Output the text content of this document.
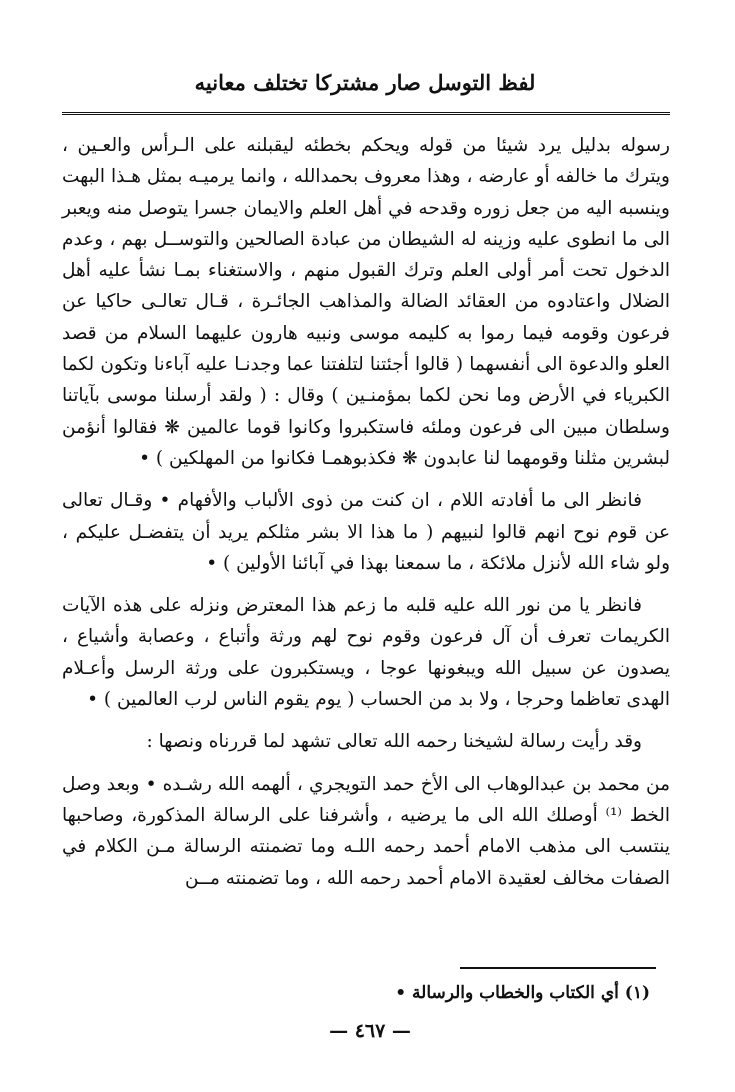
لفظ التوسل صار مشتركا تختلف معانيه

رسوله بدليل يرد شيئا من قوله ويحكم بخطئه ليقبلنه على الـرأس والعـين ، ويترك ما خالفه أو عارضه ، وهذا معروف بحمدالله ، وانما يرميـه بمثل هـذا البهت وينسبه اليه من جعل زوره وقدحه في أهل العلم والايمان جسرا يتوصل منه ويعبر الى ما انطوى عليه وزينه له الشيطان من عبادة الصالحين والتوســل بهم ، وعدم الدخول تحت أمر أولى العلم وترك القبول منهم ، والاستغناء بمـا نشأ عليه أهل الضلال واعتادوه من العقائد الضالة والمذاهب الجائـرة ، قـال تعالـى حاكيا عن فرعون وقومه فيما رموا به كليمه موسى ونبيه هارون عليهما السلام من قصد العلو والدعوة الى أنفسهما ( قالوا أجئتنا لتلفتنا عما وجدنـا عليه آباءنا وتكون لكما الكبرياء في الأرض وما نحن لكما بمؤمنـين ) وقال : ( ولقد أرسلنا موسى بآياتنا وسلطان مبين الى فرعون وملئه فاستكبروا وكانوا قوما عالمين ❋ فقالوا أنؤمن لبشرين مثلنا وقومهما لنا عابدون ❋ فكذبوهمـا فكانوا من المهلكين ) •

فانظر الى ما أفادته اللام ، ان كنت من ذوى الألباب والأفهام • وقـال تعالى عن قوم نوح انهم قالوا لنبيهم ( ما هذا الا بشر مثلكم يريد أن يتفضـل عليكم ، ولو شاء الله لأنزل ملائكة ، ما سمعنا بهذا في آبائنا الأولين ) •

فانظر يا من نور الله عليه قلبه ما زعم هذا المعترض ونزله على هذه الآيات الكريمات تعرف أن آل فرعون وقوم نوح لهم ورثة وأتباع ، وعصابة وأشياع ، يصدون عن سبيل الله ويبغونها عوجا ، ويستكبرون على ورثة الرسل وأعـلام الهدى تعاظما وحرجا ، ولا بد من الحساب ( يوم يقوم الناس لرب العالمين ) •

وقد رأيت رسالة لشيخنا رحمه الله تعالى تشهد لما قررناه ونصها :

من محمد بن عبدالوهاب الى الأخ حمد التويجري ، ألهمه الله رشـده • وبعد وصل الخط ⁽¹⁾ أوصلك الله الى ما يرضيه ، وأشرفنا على الرسالة المذكورة، وصاحبها ينتسب الى مذهب الامام أحمد رحمه اللـه وما تضمنته الرسالة مـن الكلام في الصفات مخالف لعقيدة الامام أحمد رحمه الله ، وما تضمنته مــن

(١) أي الكتاب والخطاب والرسالة •
— ٤٦٧ —
